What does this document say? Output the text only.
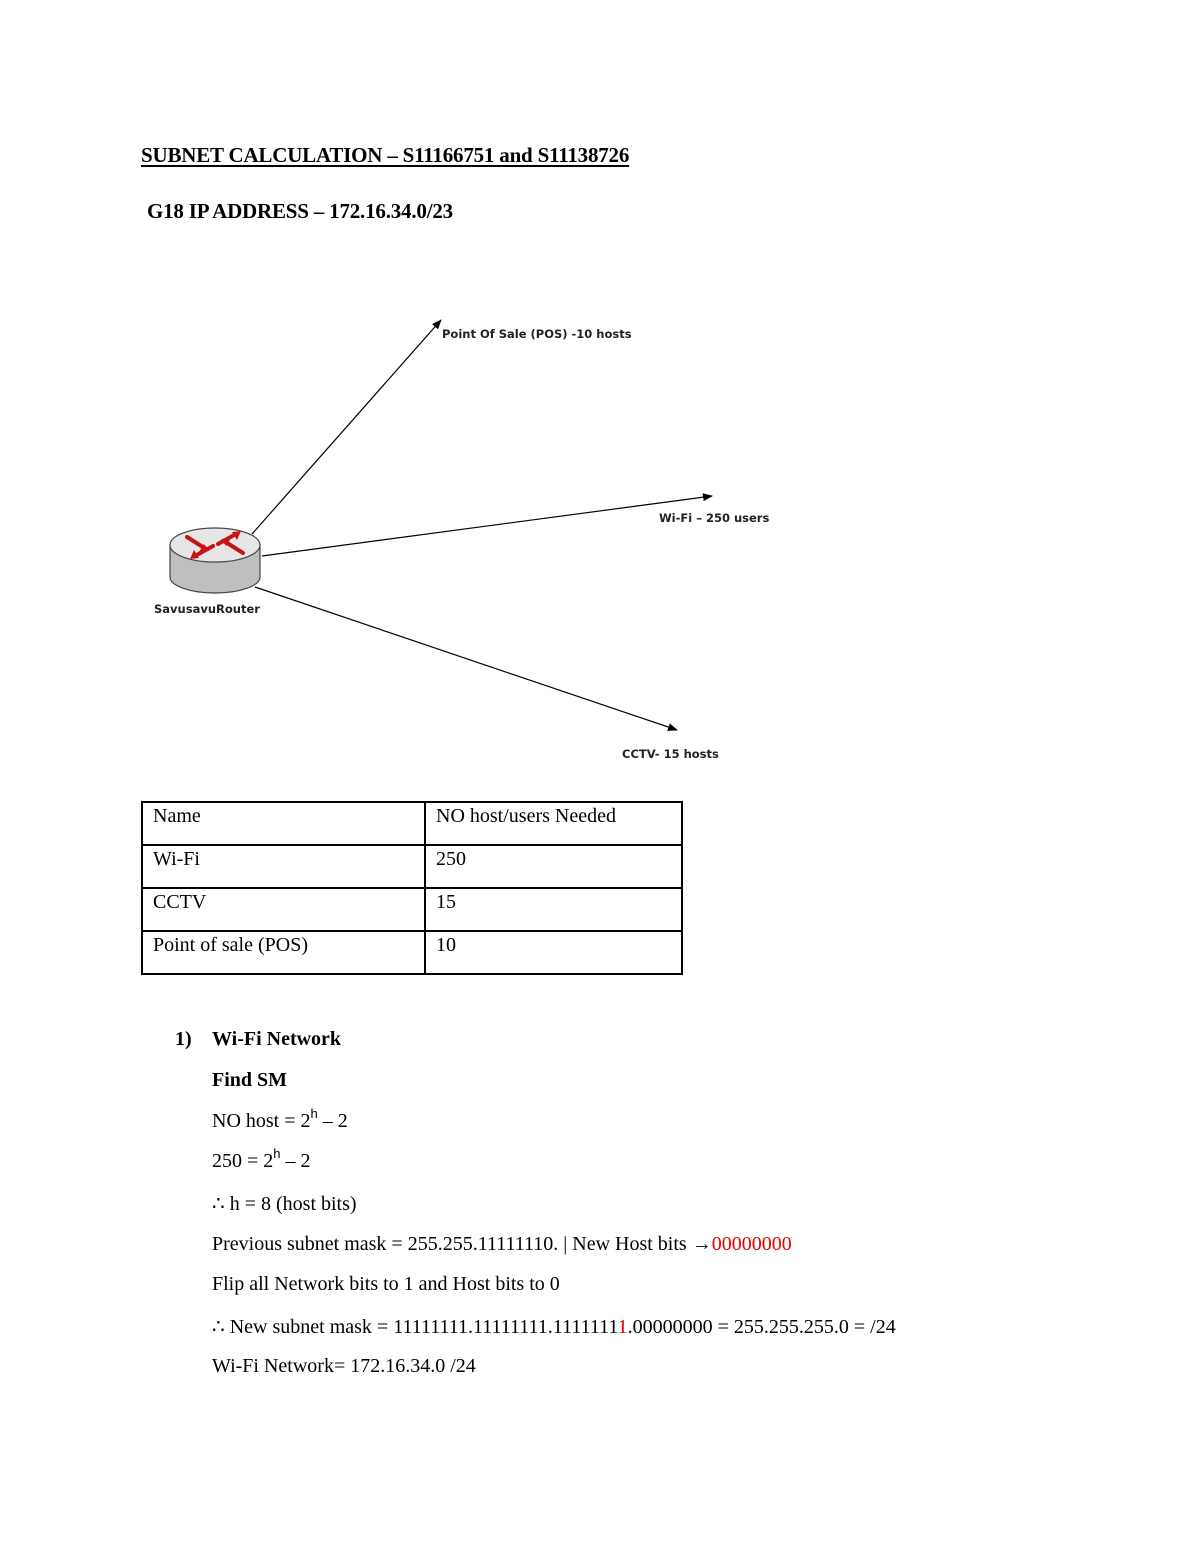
SUBNET CALCULATION – S11166751 and S11138726
G18 IP ADDRESS – 172.16.34.0/23
SavusavuRouter
Point Of Sale (POS) -10 hosts
Wi-Fi – 250 users
CCTV- 15 hosts
Name	NO host/users Needed
Wi-Fi	250
CCTV	15
Point of sale (POS)	10
1) Wi-Fi Network
Find SM
NO host = $2^h - 2$
$250 = 2^h - 2$
∴ h = 8 (host bits)
Previous subnet mask = 255.255.11111110. | New Host bits →00000000
Flip all Network bits to 1 and Host bits to 0
∴ New subnet mask = 11111111.11111111.11111111.00000000 = 255.255.255.0 = /24
Wi-Fi Network= 172.16.34.0 /24
